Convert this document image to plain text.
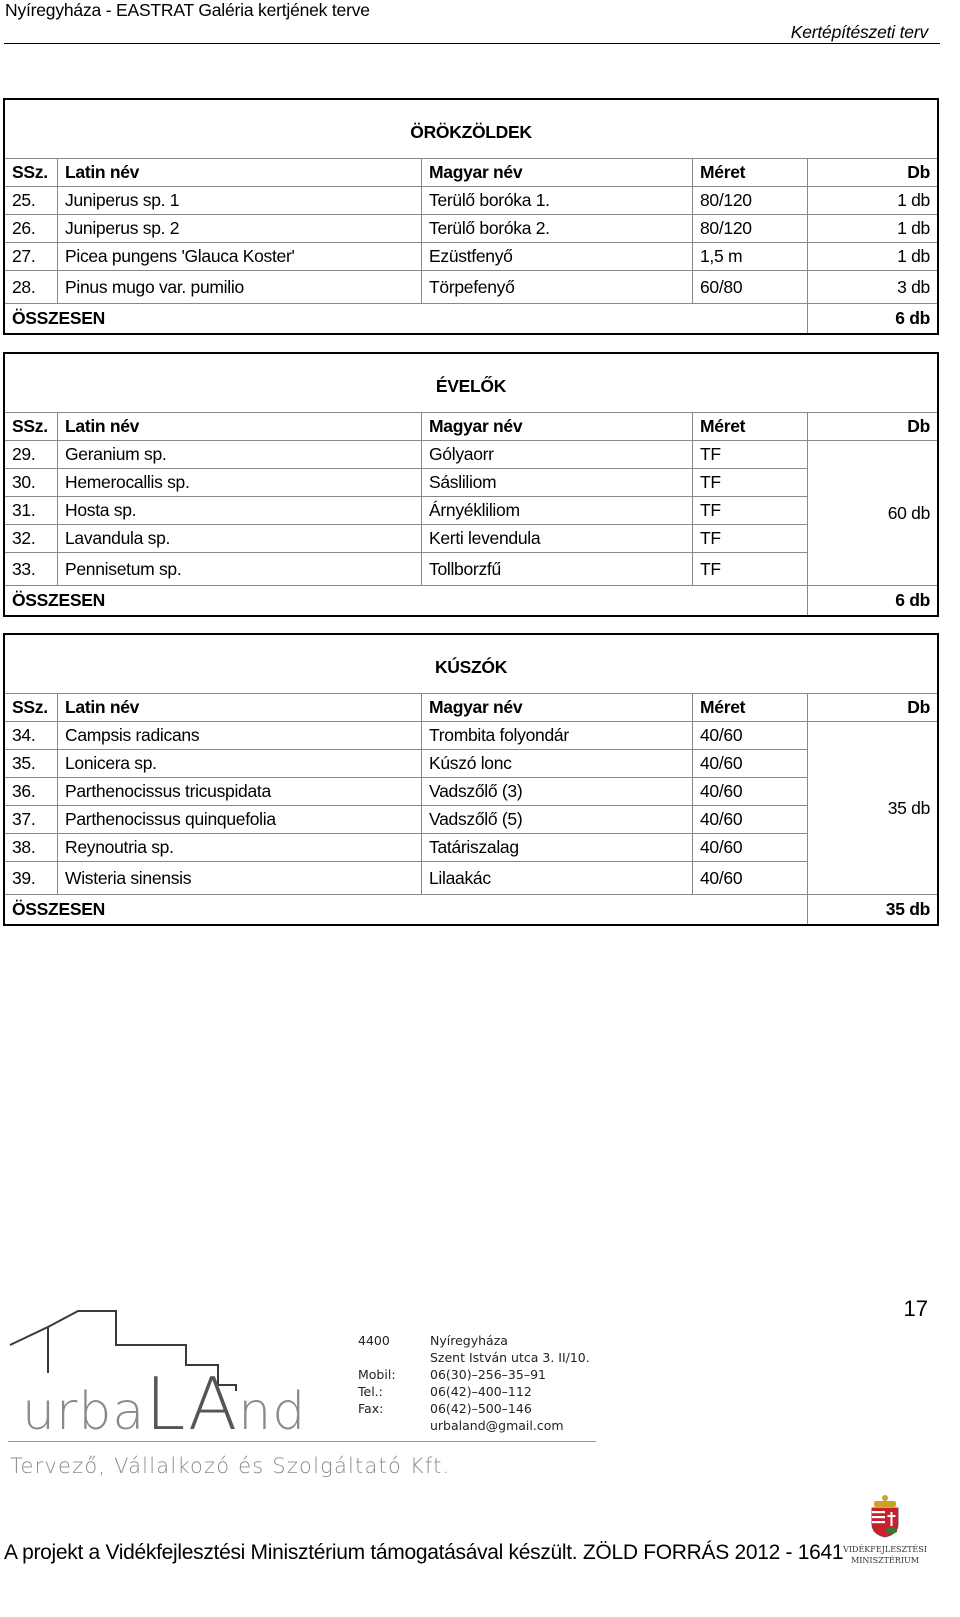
Nyíregyháza - EASTRAT Galéria kertjének terve
Kertépítészeti terv
ÖRÖKZÖLDEK				
SSz.	Latin név	Magyar név	Méret	Db
25.	Juniperus sp. 1	Terülő boróka 1.	80/120	1 db
26.	Juniperus sp. 2	Terülő boróka 2.	80/120	1 db
27.	Picea pungens 'Glauca Koster'	Ezüstfenyő	1,5 m	1 db
28.	Pinus mugo var. pumilio	Törpefenyő	60/80	3 db
ÖSSZESEN				6 db
ÉVELŐK				
SSz.	Latin név	Magyar név	Méret	Db
29.	Geranium sp.	Gólyaorr	TF	60 db
30.	Hemerocallis sp.	Sásliliom	TF	
31.	Hosta sp.	Árnyékliliom	TF	
32.	Lavandula sp.	Kerti levendula	TF	
33.	Pennisetum sp.	Tollborzfű	TF	
ÖSSZESEN				6 db
KÚSZÓK				
SSz.	Latin név	Magyar név	Méret	Db
34.	Campsis radicans	Trombita folyondár	40/60	35 db
35.	Lonicera sp.	Kúszó lonc	40/60	
36.	Parthenocissus tricuspidata	Vadszőlő (3)	40/60	
37.	Parthenocissus quinquefolia	Vadszőlő (5)	40/60	
38.	Reynoutria sp.	Tatáriszalag	40/60	
39.	Wisteria sinensis	Lilaakác	40/60	
ÖSSZESEN				35 db
17
urbaLAnd
4400	Nyíregyháza
Szent István utca 3. II/10.
Mobil:	06(30)–256–35–91
Tel.:	06(42)–400–112
Fax:	06(42)–500–146
urbaland@gmail.com
Tervező, Vállalkozó és Szolgáltató Kft.
A projekt a Vidékfejlesztési Minisztérium támogatásával készült. ZÖLD FORRÁS 2012 - 1641 VIDÉKFEJLESZTÉSI
MINISZTÉRIUM
